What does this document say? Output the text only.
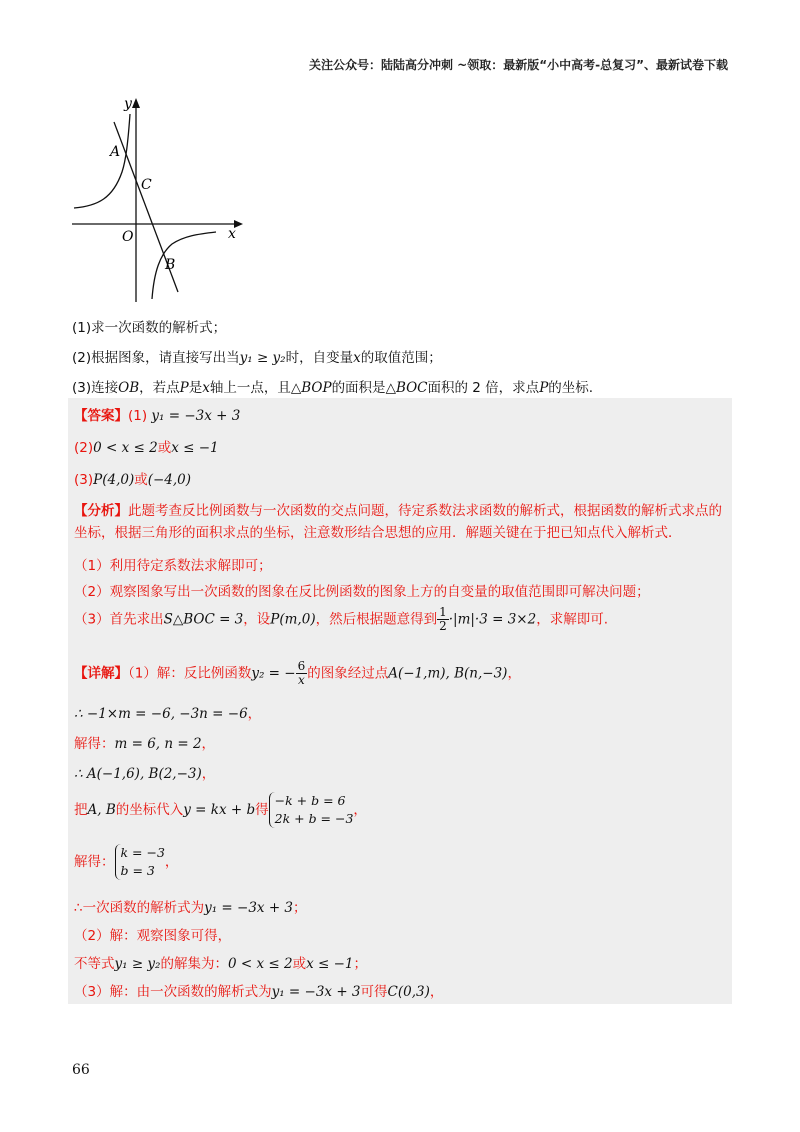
关注公众号：陆陆高分冲刺 ~领取：最新版“小中高考-总复习”、最新试卷下载
y
x
O
A
C
B
(1)求一次函数的解析式；
(2)根据图象，请直接写出当y₁ ≥ y₂时，自变量x的取值范围；
(3)连接OB，若点P是x轴上一点，且△BOP的面积是△BOC面积的 2 倍，求点P的坐标.
【答案】(1) y₁ = −3x + 3
(2)0 < x ≤ 2或x ≤ −1
(3)P(4,0)或(−4,0)
【分析】此题考查反比例函数与一次函数的交点问题，待定系数法求函数的解析式，根据函数的解析式求点的坐标，根据三角形的面积求点的坐标，注意数形结合思想的应用．解题关键在于把已知点代入解析式．
（1）利用待定系数法求解即可；
（2）观察图象写出一次函数的图象在反比例函数的图象上方的自变量的取值范围即可解决问题；
（3）首先求出S△BOC = 3，设P(m,0)，然后根据题意得到 $\frac{1}{2} \cdot|m|\cdot 3 = 3\times 2$，求解即可.
【详解】（1）解：反比例函数y₂ = − $\frac{6}{x}$ 的图象经过点A(−1,m), B(n,−3)，
∴ −1×m = −6, −3n = −6，
解得：m = 6, n = 2，
∴ A(−1,6), B(2,−3)，
把A, B的坐标代入y = kx + b得
−k + b = 6
2k + b = −3
，
解得：
k = −3
b = 3
，
∴一次函数的解析式为y₁ = −3x + 3；
（2）解：观察图象可得，
不等式y₁ ≥ y₂的解集为：0 < x ≤ 2或x ≤ −1；
（3）解：由一次函数的解析式为y₁ = −3x + 3可得C(0,3)，
66
